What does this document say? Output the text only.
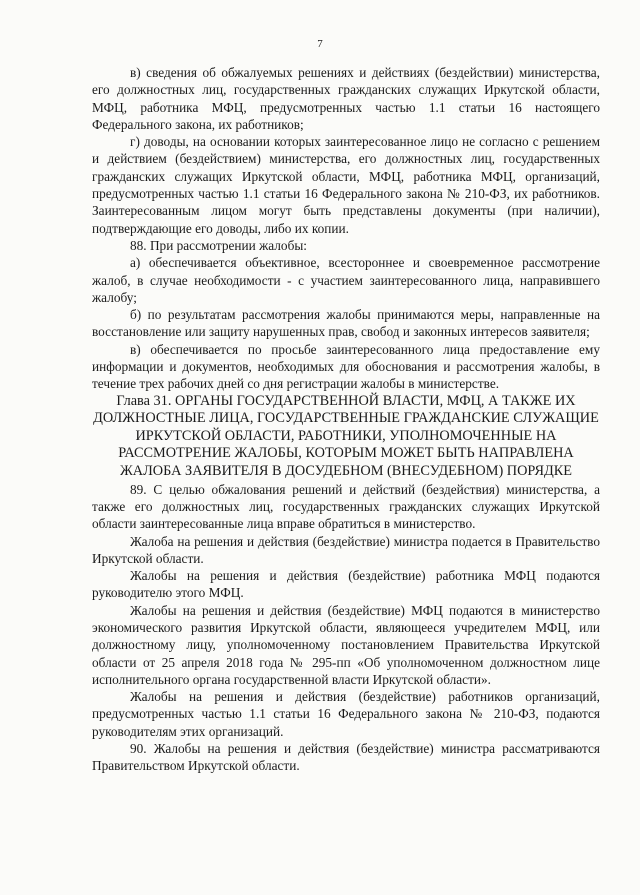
7

в) сведения об обжалуемых решениях и действиях (бездействии) министерства, его должностных лиц, государственных гражданских служащих Иркутской области, МФЦ, работника МФЦ, предусмотренных частью 1.1 статьи 16 настоящего Федерального закона, их работников;

г) доводы, на основании которых заинтересованное лицо не согласно с решением и действием (бездействием) министерства, его должностных лиц, государственных гражданских служащих Иркутской области, МФЦ, работника МФЦ, организаций, предусмотренных частью 1.1 статьи 16 Федерального закона № 210-ФЗ, их работников. Заинтересованным лицом могут быть представлены документы (при наличии), подтверждающие его доводы, либо их копии.

88. При рассмотрении жалобы:

а) обеспечивается объективное, всестороннее и своевременное рассмотрение жалоб, в случае необходимости - с участием заинтересованного лица, направившего жалобу;

б) по результатам рассмотрения жалобы принимаются меры, направленные на восстановление или защиту нарушенных прав, свобод и законных интересов заявителя;

в) обеспечивается по просьбе заинтересованного лица предоставление ему информации и документов, необходимых для обоснования и рассмотрения жалобы, в течение трех рабочих дней со дня регистрации жалобы в министерстве.

Глава 31. ОРГАНЫ ГОСУДАРСТВЕННОЙ ВЛАСТИ, МФЦ, А ТАКЖЕ ИХ ДОЛЖНОСТНЫЕ ЛИЦА, ГОСУДАРСТВЕННЫЕ ГРАЖДАНСКИЕ СЛУЖАЩИЕ ИРКУТСКОЙ ОБЛАСТИ, РАБОТНИКИ, УПОЛНОМОЧЕННЫЕ НА РАССМОТРЕНИЕ ЖАЛОБЫ, КОТОРЫМ МОЖЕТ БЫТЬ НАПРАВЛЕНА ЖАЛОБА ЗАЯВИТЕЛЯ В ДОСУДЕБНОМ (ВНЕСУДЕБНОМ) ПОРЯДКЕ

89. С целью обжалования решений и действий (бездействия) министерства, а также его должностных лиц, государственных гражданских служащих Иркутской области заинтересованные лица вправе обратиться в министерство.

Жалоба на решения и действия (бездействие) министра подается в Правительство Иркутской области.

Жалобы на решения и действия (бездействие) работника МФЦ подаются руководителю этого МФЦ.

Жалобы на решения и действия (бездействие) МФЦ подаются в министерство экономического развития Иркутской области, являющееся учредителем МФЦ, или должностному лицу, уполномоченному постановлением Правительства Иркутской области от 25 апреля 2018 года № 295-пп «Об уполномоченном должностном лице исполнительного органа государственной власти Иркутской области».

Жалобы на решения и действия (бездействие) работников организаций, предусмотренных частью 1.1 статьи 16 Федерального закона № 210-ФЗ, подаются руководителям этих организаций.

90. Жалобы на решения и действия (бездействие) министра рассматриваются Правительством Иркутской области.
